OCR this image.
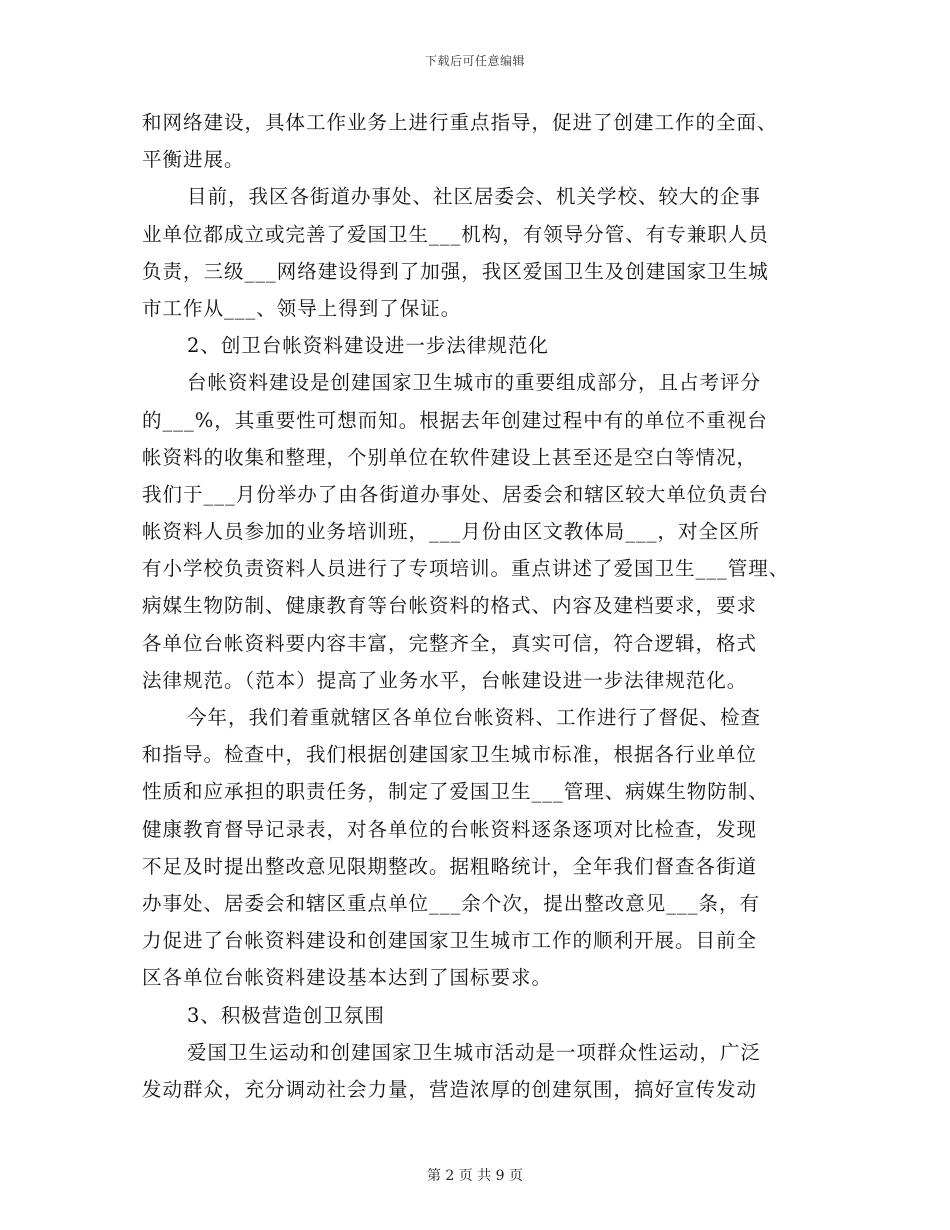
下载后可任意编辑
和网络建设，具体工作业务上进行重点指导，促进了创建工作的全面、
平衡进展。
目前，我区各街道办事处、社区居委会、机关学校、较大的企事
业单位都成立或完善了爱国卫生___机构，有领导分管、有专兼职人员
负责，三级___网络建设得到了加强，我区爱国卫生及创建国家卫生城
市工作从___、领导上得到了保证。
2、创卫台帐资料建设进一步法律规范化
台帐资料建设是创建国家卫生城市的重要组成部分，且占考评分
的___%，其重要性可想而知。根据去年创建过程中有的单位不重视台
帐资料的收集和整理，个别单位在软件建设上甚至还是空白等情况，
我们于___月份举办了由各街道办事处、居委会和辖区较大单位负责台
帐资料人员参加的业务培训班，___月份由区文教体局___，对全区所
有小学校负责资料人员进行了专项培训。重点讲述了爱国卫生___管理、
病媒生物防制、健康教育等台帐资料的格式、内容及建档要求，要求
各单位台帐资料要内容丰富，完整齐全，真实可信，符合逻辑，格式
法律规范。（范本）提高了业务水平，台帐建设进一步法律规范化。
今年，我们着重就辖区各单位台帐资料、工作进行了督促、检查
和指导。检查中，我们根据创建国家卫生城市标准，根据各行业单位
性质和应承担的职责任务，制定了爱国卫生___管理、病媒生物防制、
健康教育督导记录表，对各单位的台帐资料逐条逐项对比检查，发现
不足及时提出整改意见限期整改。据粗略统计，全年我们督查各街道
办事处、居委会和辖区重点单位___余个次，提出整改意见___条，有
力促进了台帐资料建设和创建国家卫生城市工作的顺利开展。目前全
区各单位台帐资料建设基本达到了国标要求。
3、积极营造创卫氛围
爱国卫生运动和创建国家卫生城市活动是一项群众性运动，广泛
发动群众，充分调动社会力量，营造浓厚的创建氛围，搞好宣传发动
第 2 页 共 9 页
